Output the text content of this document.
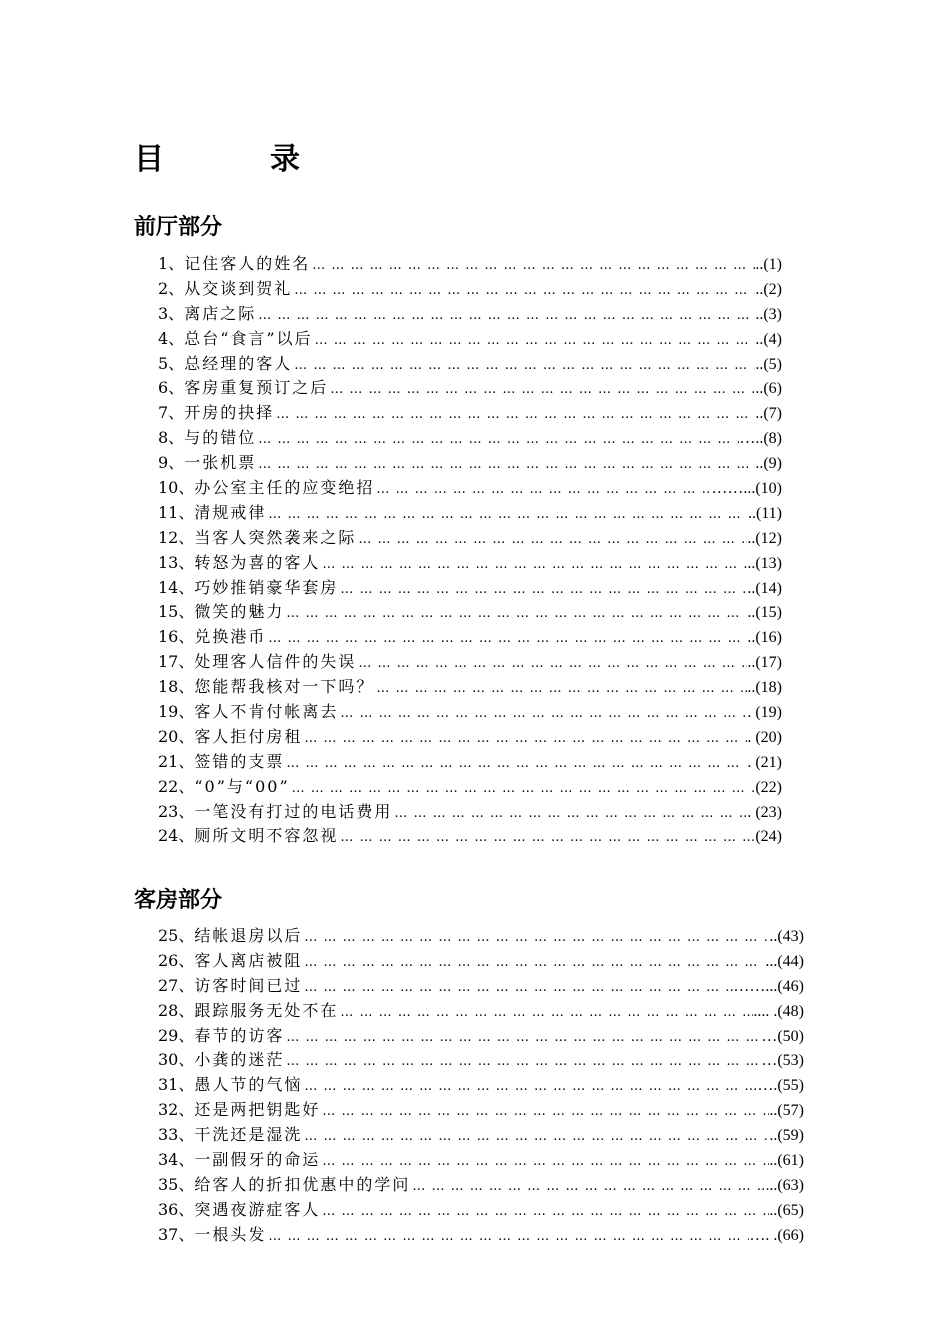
目　录
前厅部分
1、 记住客人的姓名 … … … … … … … … … … … … … … … … … … … … … … … … … … … … … … … … … … … … … … … … … … … … … … … … … … … … … … … … … … … …	..(1)
2、 从交谈到贺礼 … … … … … … … … … … … … … … … … … … … … … … … … … … … … … … … … … … … … … … … … … … … … … … … … … … … … … … … … … … … …	..(2)
3、 离店之际 … … … … … … … … … … … … … … … … … … … … … … … … … … … … … … … … … … … … … … … … … … … … … … … … … … … … … … … … … … … …	..(3)
4、 总台“食言”以后 … … … … … … … … … … … … … … … … … … … … … … … … … … … … … … … … … … … … … … … … … … … … … … … … … … … … … … … … … … … …	..(4)
5、 总经理的客人 … … … … … … … … … … … … … … … … … … … … … … … … … … … … … … … … … … … … … … … … … … … … … … … … … … … … … … … … … … … …	..(5)
6、 客房重复预订之后 … … … … … … … … … … … … … … … … … … … … … … … … … … … … … … … … … … … … … … … … … … … … … … … … … … … … … … … … … … … …	..(6)
7、 开房的抉择 … … … … … … … … … … … … … … … … … … … … … … … … … … … … … … … … … … … … … … … … … … … … … … … … … … … … … … … … … … … …	..(7)
8、 与的错位 … … … … … … … … … … … … … … … … … … … … … … … … … … … … … … … … … … … … … … … … … … … … … … … … … … … … … … … … … … … …	…..(8)
9、 一张机票 … … … … … … … … … … … … … … … … … … … … … … … … … … … … … … … … … … … … … … … … … … … … … … … … … … … … … … … … … … … …	..(9)
10、 办公室主任的应变绝招 … … … … … … … … … … … … … … … … … … … … … … … … … … … … … … … … … … … … … … … … … … … … … … … … … … … … … … … … … … … …	……...(10)
11、 清规戒律 … … … … … … … … … … … … … … … … … … … … … … … … … … … … … … … … … … … … … … … … … … … … … … … … … … … … … … … … … … … …	..(11)
12、 当客人突然袭来之际 … … … … … … … … … … … … … … … … … … … … … … … … … … … … … … … … … … … … … … … … … … … … … … … … … … … … … … … … … … … …	..(12)
13、 转怒为喜的客人 … … … … … … … … … … … … … … … … … … … … … … … … … … … … … … … … … … … … … … … … … … … … … … … … … … … … … … … … … … … …	..(13)
14、 巧妙推销豪华套房 … … … … … … … … … … … … … … … … … … … … … … … … … … … … … … … … … … … … … … … … … … … … … … … … … … … … … … … … … … … …	..(14)
15、 微笑的魅力 … … … … … … … … … … … … … … … … … … … … … … … … … … … … … … … … … … … … … … … … … … … … … … … … … … … … … … … … … … … …	..(15)
16、 兑换港币 … … … … … … … … … … … … … … … … … … … … … … … … … … … … … … … … … … … … … … … … … … … … … … … … … … … … … … … … … … … …	..(16)
17、 处理客人信件的失误 … … … … … … … … … … … … … … … … … … … … … … … … … … … … … … … … … … … … … … … … … … … … … … … … … … … … … … … … … … … …	..(17)
18、 您能帮我核对一下吗？ … … … … … … … … … … … … … … … … … … … … … … … … … … … … … … … … … … … … … … … … … … … … … … … … … … … … … … … … … … … …	..(18)
19、 客人不肯付帐离去 … … … … … … … … … … … … … … … … … … … … … … … … … … … … … … … … … … … … … … … … … … … … … … … … … … … … … … … … … … … …	. (19)
20、 客人拒付房租 … … … … … … … … … … … … … … … … … … … … … … … … … … … … … … … … … … … … … … … … … … … … … … … … … … … … … … … … … … … …	. (20)
21、 签错的支票 … … … … … … … … … … … … … … … … … … … … … … … … … … … … … … … … … … … … … … … … … … … … … … … … … … … … … … … … … … … …	. (21)
22、 “0”与“00” … … … … … … … … … … … … … … … … … … … … … … … … … … … … … … … … … … … … … … … … … … … … … … … … … … … … … … … … … … … …	(22)
23、 一笔没有打过的电话费用 … … … … … … … … … … … … … … … … … … … … … … … … … … … … … … … … … … … … … … … … … … … … … … … … … … … … … … … … … … … …	. (23)
24、 厕所文明不容忽视 … … … … … … … … … … … … … … … … … … … … … … … … … … … … … … … … … … … … … … … … … … … … … … … … … … … … … … … … … … … …	(24)
客房部分
25、 结帐退房以后 … … … … … … … … … … … … … … … … … … … … … … … … … … … … … … … … … … … … … … … … … … … … … … … … … … … … … … … … … … … …	..(43)
26、 客人离店被阻 … … … … … … … … … … … … … … … … … … … … … … … … … … … … … … … … … … … … … … … … … … … … … … … … … … … … … … … … … … … …	...(44)
27、 访客时间已过 … … … … … … … … … … … … … … … … … … … … … … … … … … … … … … … … … … … … … … … … … … … … … … … … … … … … … … … … … … … …	……...(46)
28、 跟踪服务无处不在 … … … … … … … … … … … … … … … … … … … … … … … … … … … … … … … … … … … … … … … … … … … … … … … … … … … … … … … … … … … …	.... .(48)
29、 春节的访客 … … … … … … … … … … … … … … … … … … … … … … … … … … … … … … … … … … … … … … … … … … … … … … … … … … … … … … … … … … … …	…(50)
30、 小龚的迷茫 … … … … … … … … … … … … … … … … … … … … … … … … … … … … … … … … … … … … … … … … … … … … … … … … … … … … … … … … … … … …	…(53)
31、 愚人节的气恼 … … … … … … … … … … … … … … … … … … … … … … … … … … … … … … … … … … … … … … … … … … … … … … … … … … … … … … … … … … … …	….(55)
32、 还是两把钥匙好 … … … … … … … … … … … … … … … … … … … … … … … … … … … … … … … … … … … … … … … … … … … … … … … … … … … … … … … … … … … …	..(57)
33、 干洗还是湿洗 … … … … … … … … … … … … … … … … … … … … … … … … … … … … … … … … … … … … … … … … … … … … … … … … … … … … … … … … … … … …	..(59)
34、 一副假牙的命运 … … … … … … … … … … … … … … … … … … … … … … … … … … … … … … … … … … … … … … … … … … … … … … … … … … … … … … … … … … … …	..(61)
35、 给客人的折扣优惠中的学问 … … … … … … … … … … … … … … … … … … … … … … … … … … … … … … … … … … … … … … … … … … … … … … … … … … … … … … … … … … … …	..(63)
36、 突遇夜游症客人 … … … … … … … … … … … … … … … … … … … … … … … … … … … … … … … … … … … … … … … … … … … … … … … … … … … … … … … … … … … …	..(65)
37、 一根头发 … … … … … … … … … … … … … … … … … … … … … … … … … … … … … … … … … … … … … … … … … … … … … … … … … … … … … … … … … … … …	…. .(66)
